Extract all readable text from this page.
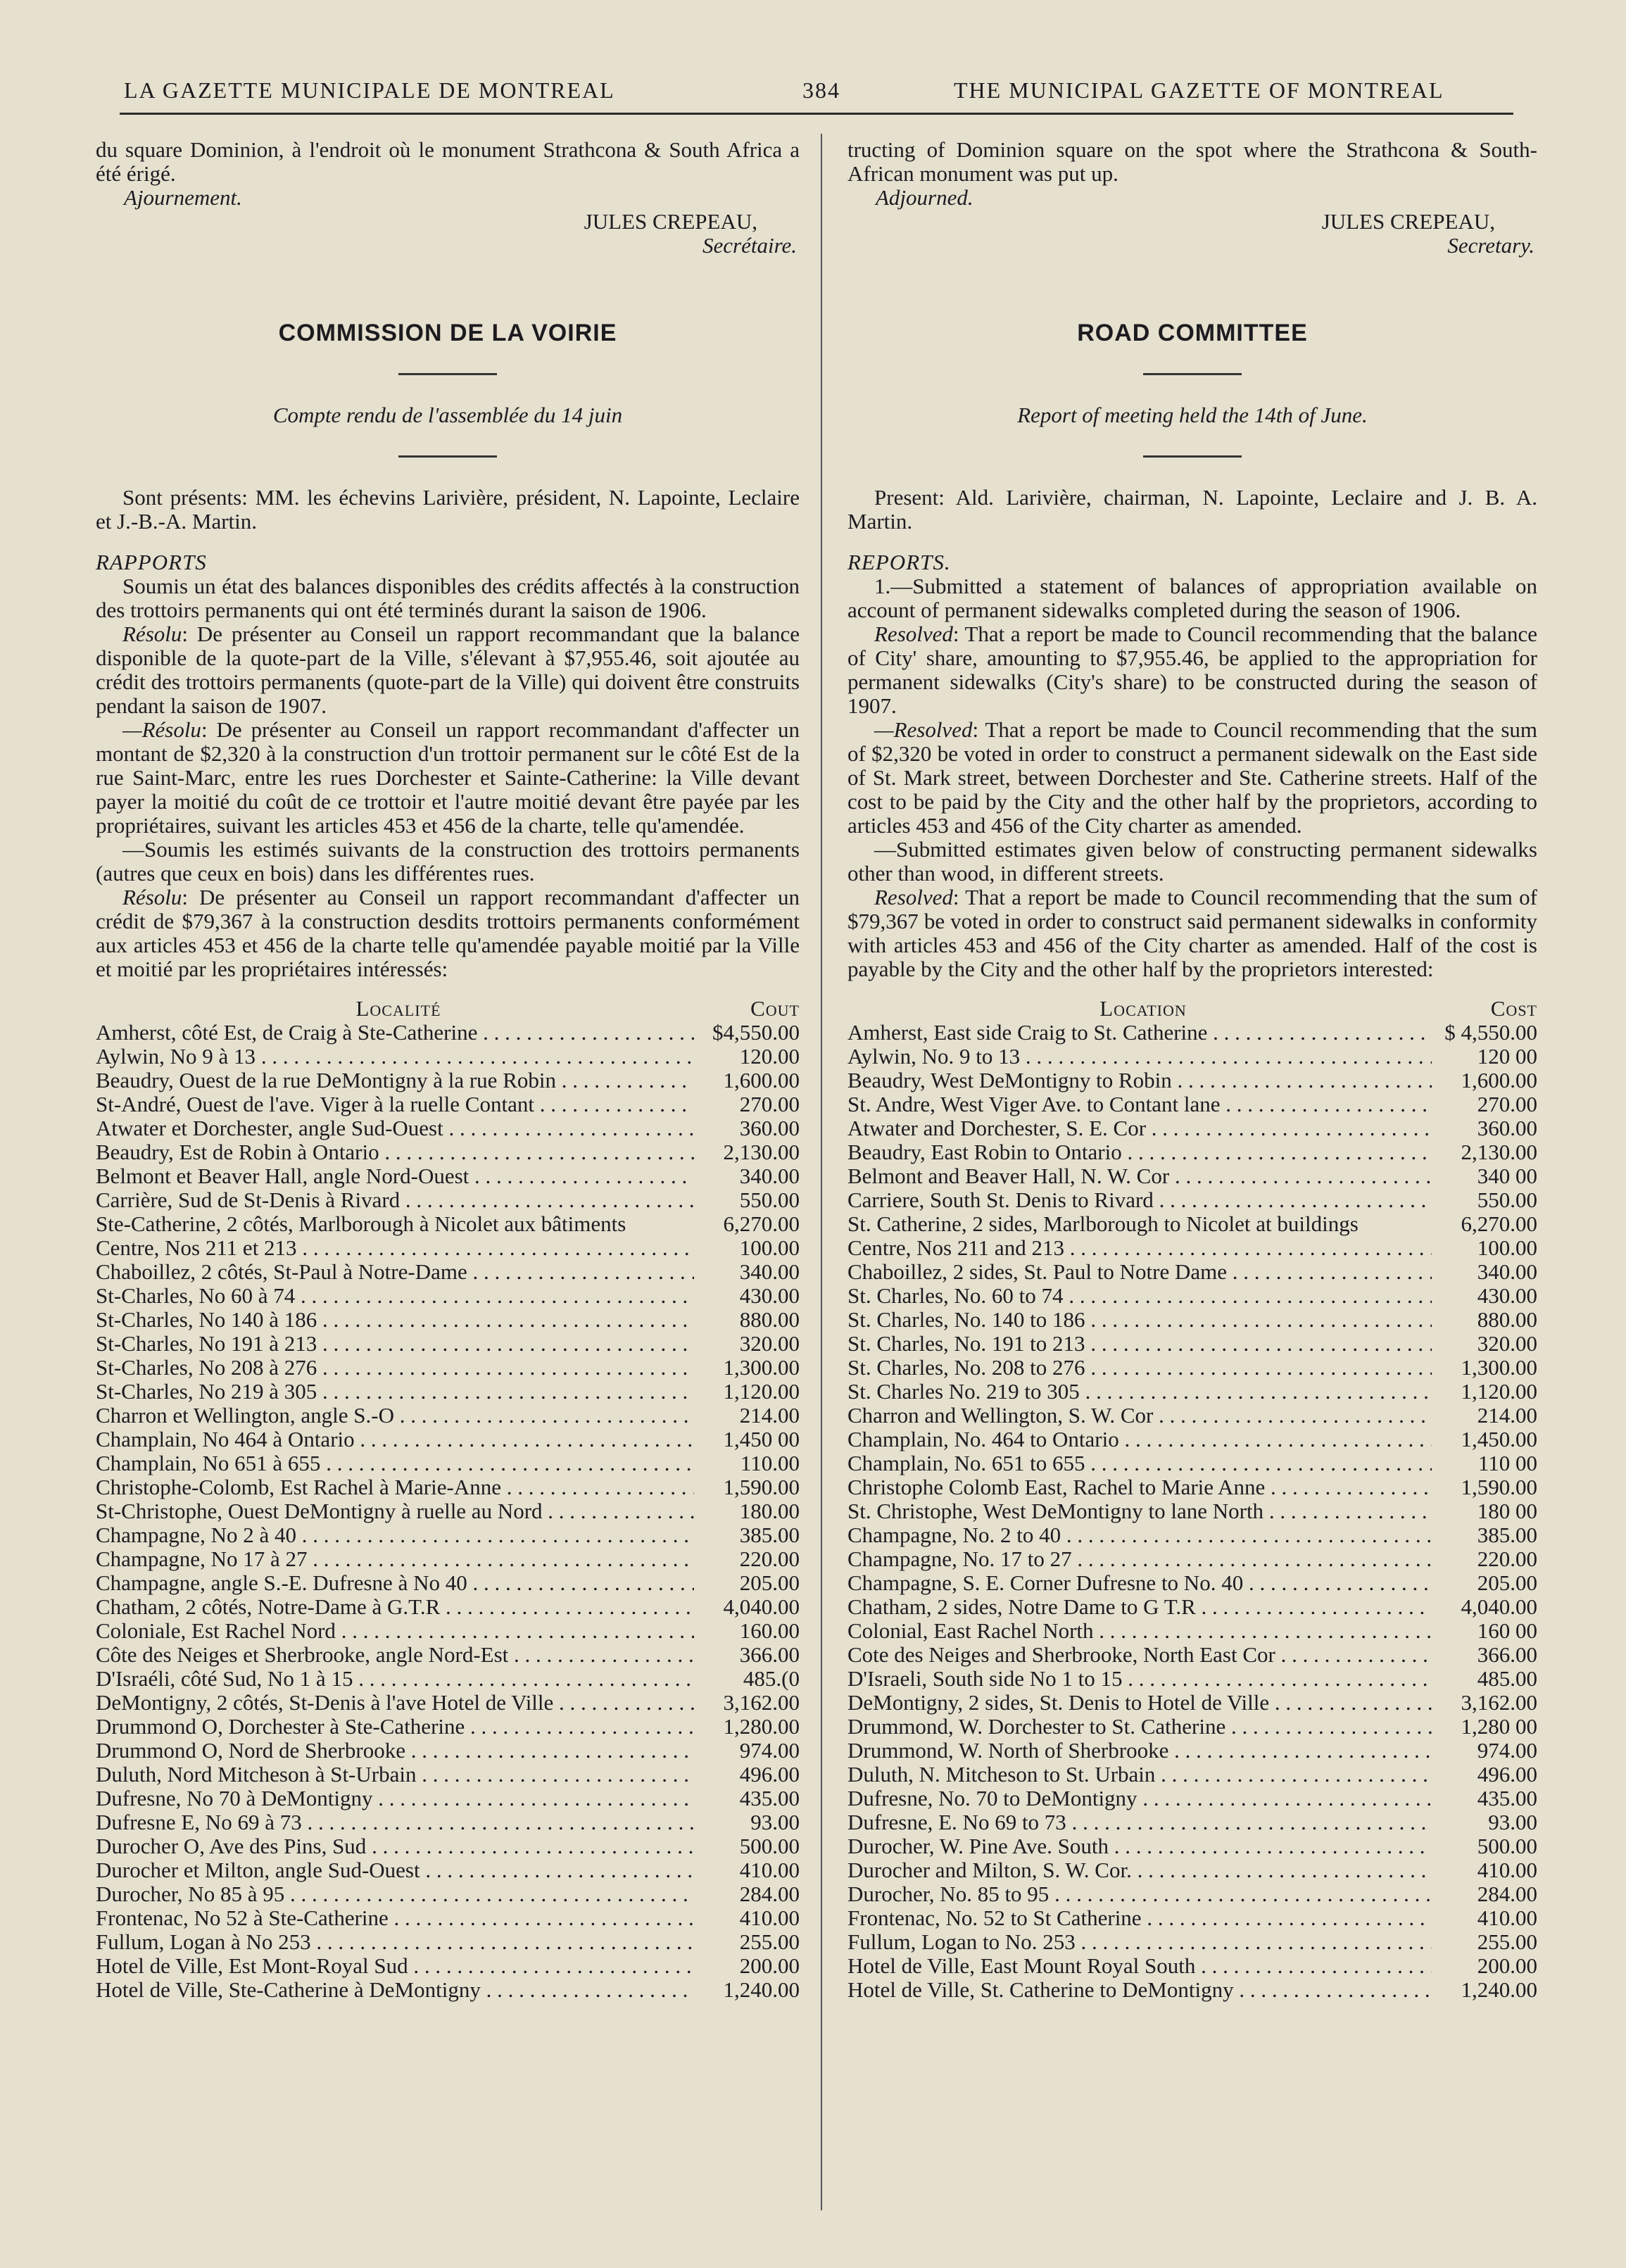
LA GAZETTE MUNICIPALE DE MONTREAL	384	THE MUNICIPAL GAZETTE OF MONTREAL

du square Dominion, à l'endroit où le monument Strathcona & South Africa a été érigé.

Ajournement.

JULES CREPEAU,

Secrétaire.

COMMISSION DE LA VOIRIE

Compte rendu de l'assemblée du 14 juin

Sont présents: MM. les échevins Larivière, président, N. Lapointe, Leclaire et J.-B.-A. Martin.

RAPPORTS

Soumis un état des balances disponibles des crédits affectés à la construction des trottoirs permanents qui ont été terminés durant la saison de 1906.

Résolu: De présenter au Conseil un rapport recommandant que la balance disponible de la quote-part de la Ville, s'élevant à $7,955.46, soit ajoutée au crédit des trottoirs permanents (quote-part de la Ville) qui doivent être construits pendant la saison de 1907.

—Résolu: De présenter au Conseil un rapport recommandant d'affecter un montant de $2,320 à la construction d'un trottoir permanent sur le côté Est de la rue Saint-Marc, entre les rues Dorchester et Sainte-Catherine: la Ville devant payer la moitié du coût de ce trottoir et l'autre moitié devant être payée par les propriétaires, suivant les articles 453 et 456 de la charte, telle qu'amendée.

—Soumis les estimés suivants de la construction des trottoirs permanents (autres que ceux en bois) dans les différentes rues.

Résolu: De présenter au Conseil un rapport recommandant d'affecter un crédit de $79,367 à la construction desdits trottoirs permanents conformément aux articles 453 et 456 de la charte telle qu'amendée payable moitié par la Ville et moitié par les propriétaires intéressés:

Localité	Cout
Amherst, côté Est, de Craig à Ste-Catherine . . .	$4,550.00
Aylwin, No 9 à 13 . . .	120.00
Beaudry, Ouest de la rue DeMontigny à la rue Robin . . .	1,600.00
St-André, Ouest de l'ave. Viger à la ruelle Contant . . .	270.00
Atwater et Dorchester, angle Sud-Ouest . . .	360.00
Beaudry, Est de Robin à Ontario . . .	2,130.00
Belmont et Beaver Hall, angle Nord-Ouest . . .	340.00
Carrière, Sud de St-Denis à Rivard . . .	550.00
Ste-Catherine, 2 côtés, Marlborough à Nicolet aux bâtiments	6,270.00
Centre, Nos 211 et 213 . . .	100.00
Chaboillez, 2 côtés, St-Paul à Notre-Dame . . .	340.00
St-Charles, No 60 à 74 . . .	430.00
St-Charles, No 140 à 186 . . .	880.00
St-Charles, No 191 à 213 . . .	320.00
St-Charles, No 208 à 276 . . .	1,300.00
St-Charles, No 219 à 305 . . .	1,120.00
Charron et Wellington, angle S.-O . . .	214.00
Champlain, No 464 à Ontario . . .	1,450 00
Champlain, No 651 à 655 . . .	110.00
Christophe-Colomb, Est Rachel à Marie-Anne . . .	1,590.00
St-Christophe, Ouest DeMontigny à ruelle au Nord . . .	180.00
Champagne, No 2 à 40 . . .	385.00
Champagne, No 17 à 27 . . .	220.00
Champagne, angle S.-E. Dufresne à No 40 . . .	205.00
Chatham, 2 côtés, Notre-Dame à G.T.R . . .	4,040.00
Coloniale, Est Rachel Nord . . .	160.00
Côte des Neiges et Sherbrooke, angle Nord-Est . . .	366.00
D'Israéli, côté Sud, No 1 à 15 . . .	485.(0
DeMontigny, 2 côtés, St-Denis à l'ave Hotel de Ville . . .	3,162.00
Drummond O, Dorchester à Ste-Catherine . . .	1,280.00
Drummond O, Nord de Sherbrooke . . .	974.00
Duluth, Nord Mitcheson à St-Urbain . . .	496.00
Dufresne, No 70 à DeMontigny . . .	435.00
Dufresne E, No 69 à 73 . . .	93.00
Durocher O, Ave des Pins, Sud . . .	500.00
Durocher et Milton, angle Sud-Ouest . . .	410.00
Durocher, No 85 à 95 . . .	284.00
Frontenac, No 52 à Ste-Catherine . . .	410.00
Fullum, Logan à No 253 . . .	255.00
Hotel de Ville, Est Mont-Royal Sud . . .	200.00
Hotel de Ville, Ste-Catherine à DeMontigny . . .	1,240.00

tructing of Dominion square on the spot where the Strathcona & South-African monument was put up.

Adjourned.

JULES CREPEAU,

Secretary.

ROAD COMMITTEE

Report of meeting held the 14th of June.

Present: Ald. Larivière, chairman, N. Lapointe, Leclaire and J. B. A. Martin.

REPORTS.

1.—Submitted a statement of balances of appropriation available on account of permanent sidewalks completed during the season of 1906.

Resolved: That a report be made to Council recommending that the balance of City' share, amounting to $7,955.46, be applied to the appropriation for permanent sidewalks (City's share) to be constructed during the season of 1907.

—Resolved: That a report be made to Council recommending that the sum of $2,320 be voted in order to construct a permanent sidewalk on the East side of St. Mark street, between Dorchester and Ste. Catherine streets. Half of the cost to be paid by the City and the other half by the proprietors, according to articles 453 and 456 of the City charter as amended.

—Submitted estimates given below of constructing permanent sidewalks other than wood, in different streets.

Resolved: That a report be made to Council recommending that the sum of $79,367 be voted in order to construct said permanent sidewalks in conformity with articles 453 and 456 of the City charter as amended. Half of the cost is payable by the City and the other half by the proprietors interested:

Location	Cost
Amherst, East side Craig to St. Catherine . . .	$ 4,550.00
Aylwin, No. 9 to 13 . . .	120 00
Beaudry, West DeMontigny to Robin . . .	1,600.00
St. Andre, West Viger Ave. to Contant lane . . .	270.00
Atwater and Dorchester, S. E. Cor . . .	360.00
Beaudry, East Robin to Ontario . . .	2,130.00
Belmont and Beaver Hall, N. W. Cor . . .	340 00
Carriere, South St. Denis to Rivard . . .	550.00
St. Catherine, 2 sides, Marlborough to Nicolet at buildings	6,270.00
Centre, Nos 211 and 213 . . .	100.00
Chaboillez, 2 sides, St. Paul to Notre Dame . . .	340.00
St. Charles, No. 60 to 74 . . .	430.00
St. Charles, No. 140 to 186 . . .	880.00
St. Charles, No. 191 to 213 . . .	320.00
St. Charles, No. 208 to 276 . . .	1,300.00
St. Charles No. 219 to 305 . . .	1,120.00
Charron and Wellington, S. W. Cor . . .	214.00
Champlain, No. 464 to Ontario . . .	1,450.00
Champlain, No. 651 to 655 . . .	110 00
Christophe Colomb East, Rachel to Marie Anne . . .	1,590.00
St. Christophe, West DeMontigny to lane North . . .	180 00
Champagne, No. 2 to 40 . . .	385.00
Champagne, No. 17 to 27 . . .	220.00
Champagne, S. E. Corner Dufresne to No. 40 . . .	205.00
Chatham, 2 sides, Notre Dame to G T.R . . .	4,040.00
Colonial, East Rachel North . . .	160 00
Cote des Neiges and Sherbrooke, North East Cor . . .	366.00
D'Israeli, South side No 1 to 15 . . .	485.00
DeMontigny, 2 sides, St. Denis to Hotel de Ville . . .	3,162.00
Drummond, W. Dorchester to St. Catherine . . .	1,280 00
Drummond, W. North of Sherbrooke . . .	974.00
Duluth, N. Mitcheson to St. Urbain . . .	496.00
Dufresne, No. 70 to DeMontigny . . .	435.00
Dufresne, E. No 69 to 73 . . .	93.00
Durocher, W. Pine Ave. South . . .	500.00
Durocher and Milton, S. W. Cor. . . .	410.00
Durocher, No. 85 to 95 . . .	284.00
Frontenac, No. 52 to St Catherine . . .	410.00
Fullum, Logan to No. 253 . . .	255.00
Hotel de Ville, East Mount Royal South . . .	200.00
Hotel de Ville, St. Catherine to DeMontigny . . .	1,240.00
